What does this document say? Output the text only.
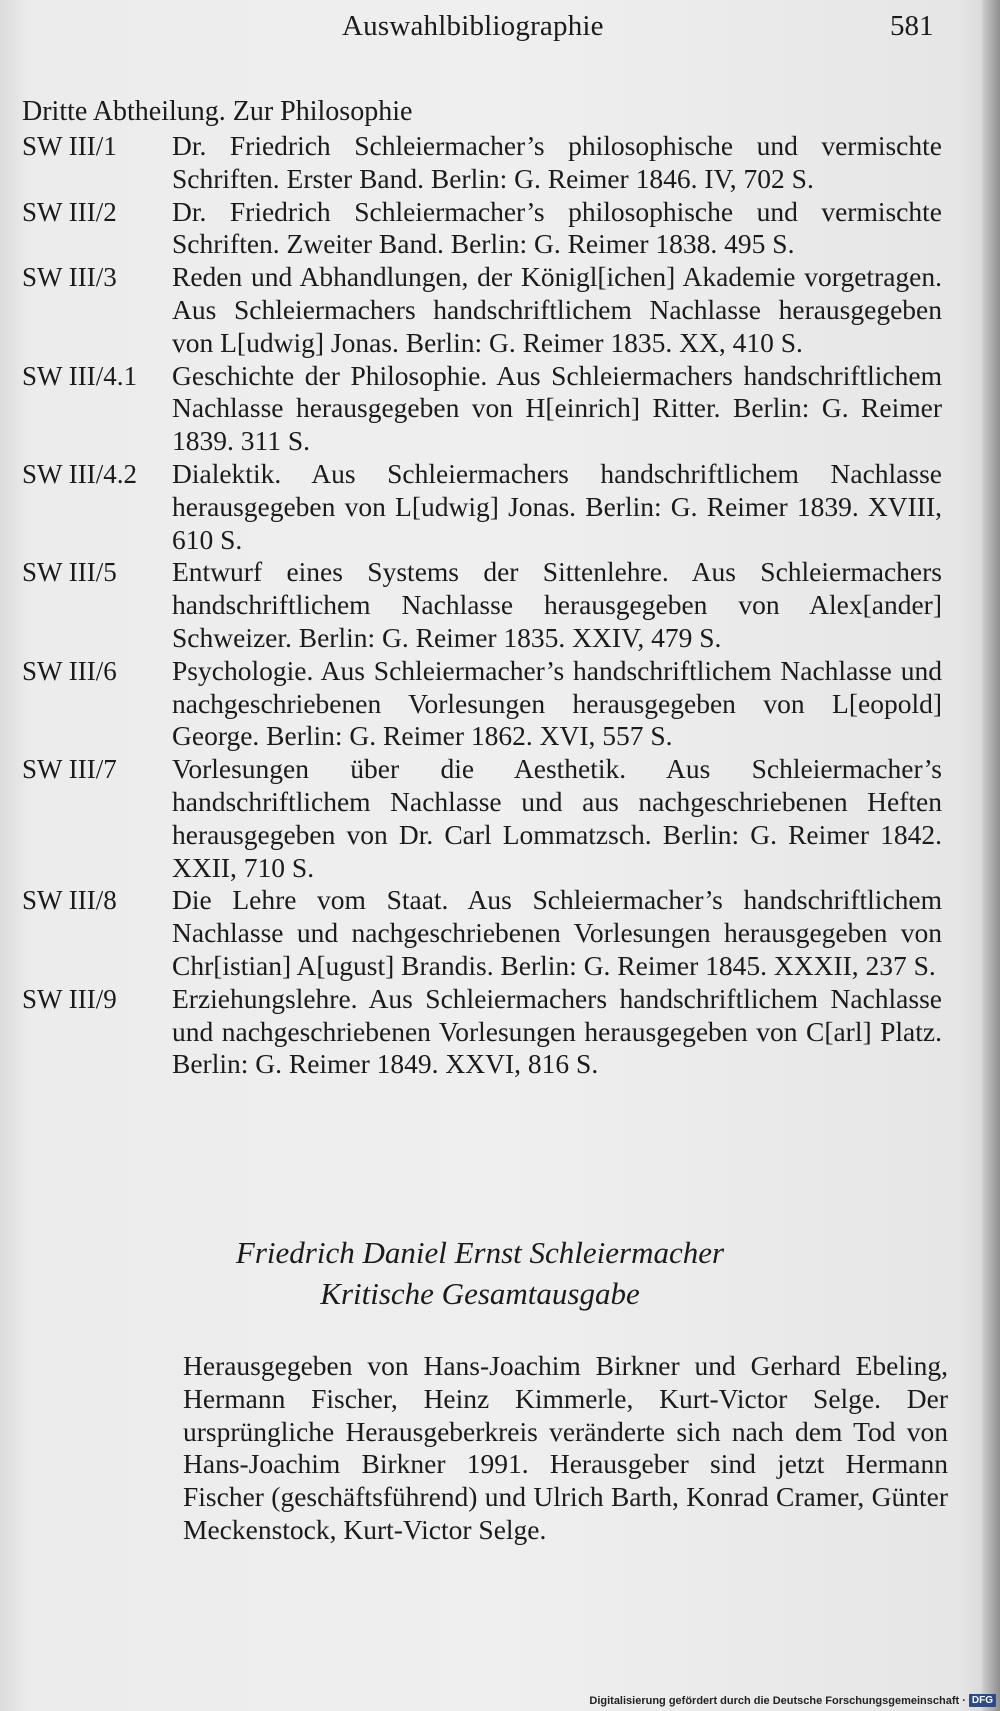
Auswahlbibliographie	581
Dritte Abtheilung. Zur Philosophie
SW III/1	Dr. Friedrich Schleiermacher’s philosophische und vermischte Schriften. Erster Band. Berlin: G. Reimer 1846. IV, 702 S.
SW III/2	Dr. Friedrich Schleiermacher’s philosophische und vermischte Schriften. Zweiter Band. Berlin: G. Reimer 1838. 495 S.
SW III/3	Reden und Abhandlungen, der Königl[ichen] Akademie vorgetragen. Aus Schleiermachers handschriftlichem Nachlasse herausgegeben von L[udwig] Jonas. Berlin: G. Reimer 1835. XX, 410 S.
SW III/4.1	Geschichte der Philosophie. Aus Schleiermachers handschriftlichem Nachlasse herausgegeben von H[einrich] Ritter. Berlin: G. Reimer 1839. 311 S.
SW III/4.2	Dialektik. Aus Schleiermachers handschriftlichem Nachlasse herausgegeben von L[udwig] Jonas. Berlin: G. Reimer 1839. XVIII, 610 S.
SW III/5	Entwurf eines Systems der Sittenlehre. Aus Schleiermachers handschriftlichem Nachlasse herausgegeben von Alex[ander] Schweizer. Berlin: G. Reimer 1835. XXIV, 479 S.
SW III/6	Psychologie. Aus Schleiermacher’s handschriftlichem Nachlasse und nachgeschriebenen Vorlesungen herausgegeben von L[eopold] George. Berlin: G. Reimer 1862. XVI, 557 S.
SW III/7	Vorlesungen über die Aesthetik. Aus Schleiermacher’s handschriftlichem Nachlasse und aus nachgeschriebenen Heften herausgegeben von Dr. Carl Lommatzsch. Berlin: G. Reimer 1842. XXII, 710 S.
SW III/8	Die Lehre vom Staat. Aus Schleiermacher’s handschriftlichem Nachlasse und nachgeschriebenen Vorlesungen herausgegeben von Chr[istian] A[ugust] Brandis. Berlin: G. Reimer 1845. XXXII, 237 S.
SW III/9	Erziehungslehre. Aus Schleiermachers handschriftlichem Nachlasse und nachgeschriebenen Vorlesungen herausgegeben von C[arl] Platz. Berlin: G. Reimer 1849. XXVI, 816 S.
Friedrich Daniel Ernst Schleiermacher
Kritische Gesamtausgabe
Herausgegeben von Hans-Joachim Birkner und Gerhard Ebeling, Hermann Fischer, Heinz Kimmerle, Kurt-Victor Selge. Der ursprüngliche Herausgeberkreis veränderte sich nach dem Tod von Hans-Joachim Birkner 1991. Herausgeber sind jetzt Hermann Fischer (geschäftsführend) und Ulrich Barth, Konrad Cramer, Günter Meckenstock, Kurt-Victor Selge.
Digitalisierung gefördert durch die Deutsche Forschungsgemeinschaft · DFG
